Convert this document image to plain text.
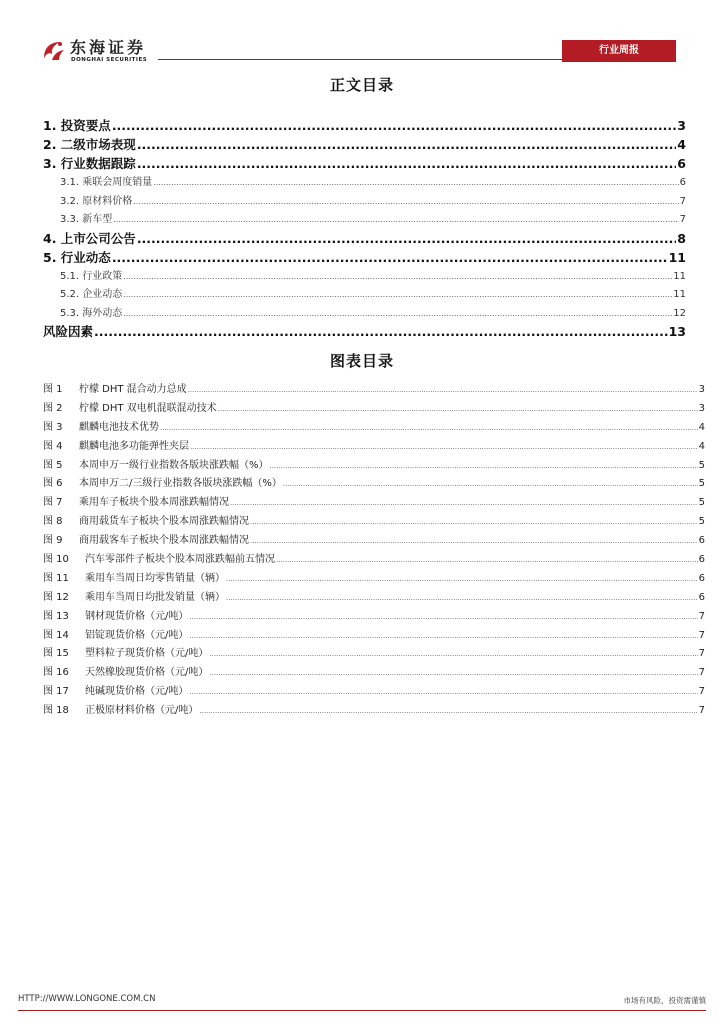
东海证券
DONGHAI SECURITIES
行业周报
正文目录
1. 投资要点 .....	3
2. 二级市场表现 .....	4
3. 行业数据跟踪 .....	6
3.1. 乘联会周度销量 .....	6
3.2. 原材料价格 .....	7
3.3. 新车型 .....	7
4. 上市公司公告 .....	8
5. 行业动态 .....	11
5.1. 行业政策 .....	11
5.2. 企业动态 .....	11
5.3. 海外动态 .....	12
风险因素 .....	13
图表目录
图 1	柠檬 DHT 混合动力总成 .....	3
图 2	柠檬 DHT 双电机混联混动技术 .....	3
图 3	麒麟电池技术优势 .....	4
图 4	麒麟电池多功能弹性夹层 .....	4
图 5	本周申万一级行业指数各版块涨跌幅（%） .....	5
图 6	本周申万二/三级行业指数各版块涨跌幅（%） .....	5
图 7	乘用车子板块个股本周涨跌幅情况 .....	5
图 8	商用载货车子板块个股本周涨跌幅情况 .....	5
图 9	商用载客车子板块个股本周涨跌幅情况 .....	6
图 10	汽车零部件子板块个股本周涨跌幅前五情况 .....	6
图 11	乘用车当周日均零售销量（辆） .....	6
图 12	乘用车当周日均批发销量（辆） .....	6
图 13	钢材现货价格（元/吨） .....	7
图 14	铝锭现货价格（元/吨） .....	7
图 15	塑料粒子现货价格（元/吨） .....	7
图 16	天然橡胶现货价格（元/吨） .....	7
图 17	纯碱现货价格（元/吨） .....	7
图 18	正极原材料价格（元/吨） .....	7
HTTP://WWW.LONGONE.COM.CN	市场有风险，投资需谨慎
